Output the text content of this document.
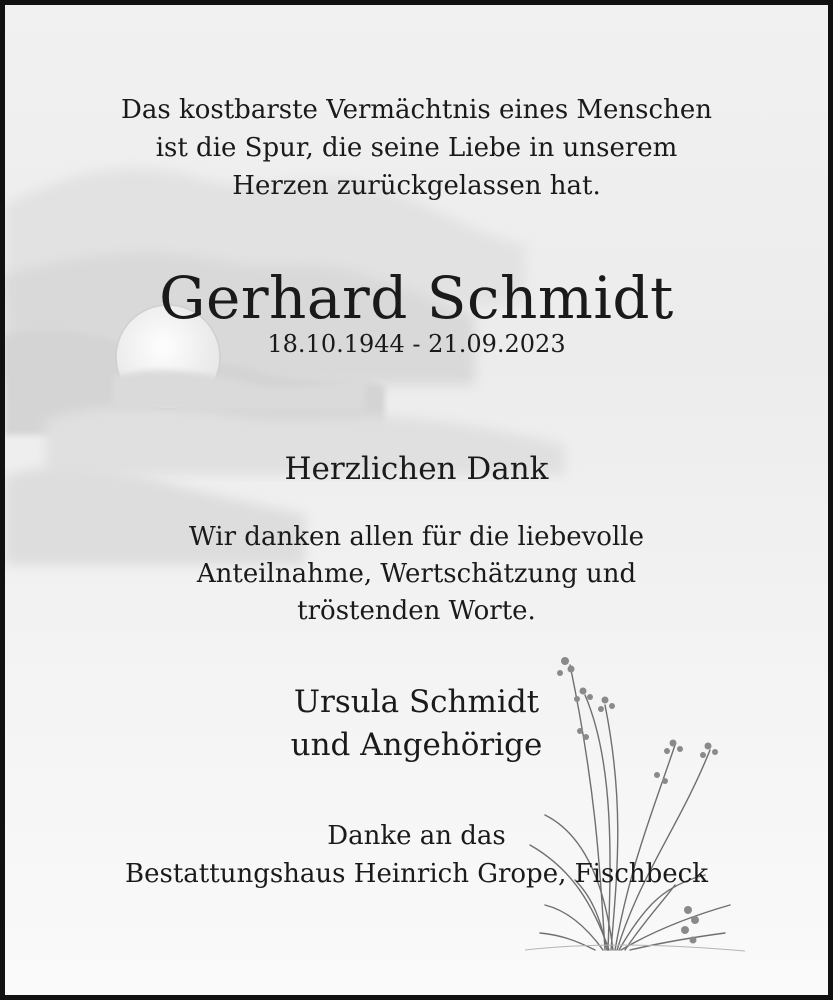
Das kostbarste Vermächtnis eines Menschen
ist die Spur, die seine Liebe in unserem
Herzen zurückgelassen hat.
Gerhard Schmidt
18.10.1944 - 21.09.2023
Herzlichen Dank
Wir danken allen für die liebevolle
Anteilnahme, Wertschätzung und
tröstenden Worte.
Ursula Schmidt
und Angehörige
Danke an das
Bestattungshaus Heinrich Grope, Fischbeck
